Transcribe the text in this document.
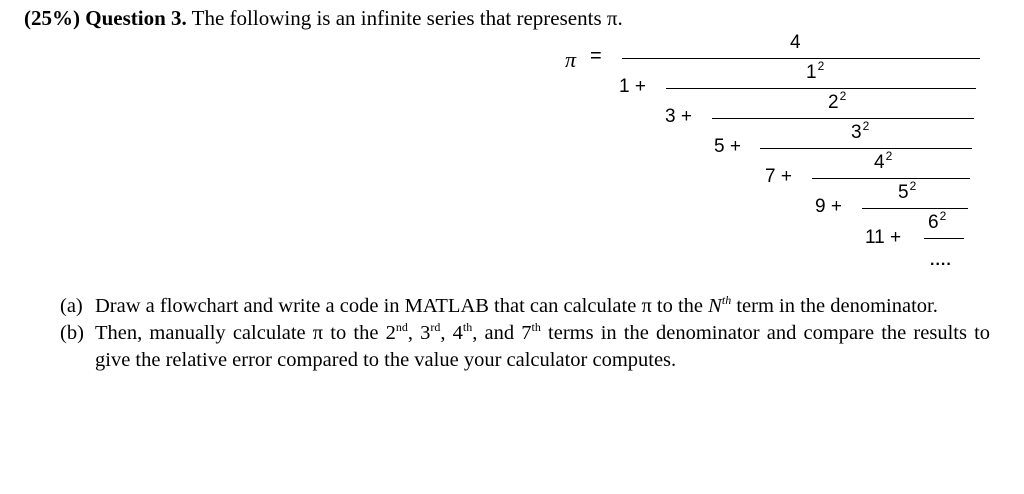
(25%) Question 3. The following is an infinite series that represents π.
π =
4
1 +
$1^2$
3 +
$2^2$
5 +
$3^2$
7 +
$4^2$
9 +
$5^2$
11 +
$6^2$
....
(a) Draw a flowchart and write a code in MATLAB that can calculate π to the $N^{th}$ term in the denominator.
(b) Then, manually calculate π to the 2nd, 3rd, 4th, and 7th terms in the denominator and compare the results to give the relative error compared to the value your calculator computes.
